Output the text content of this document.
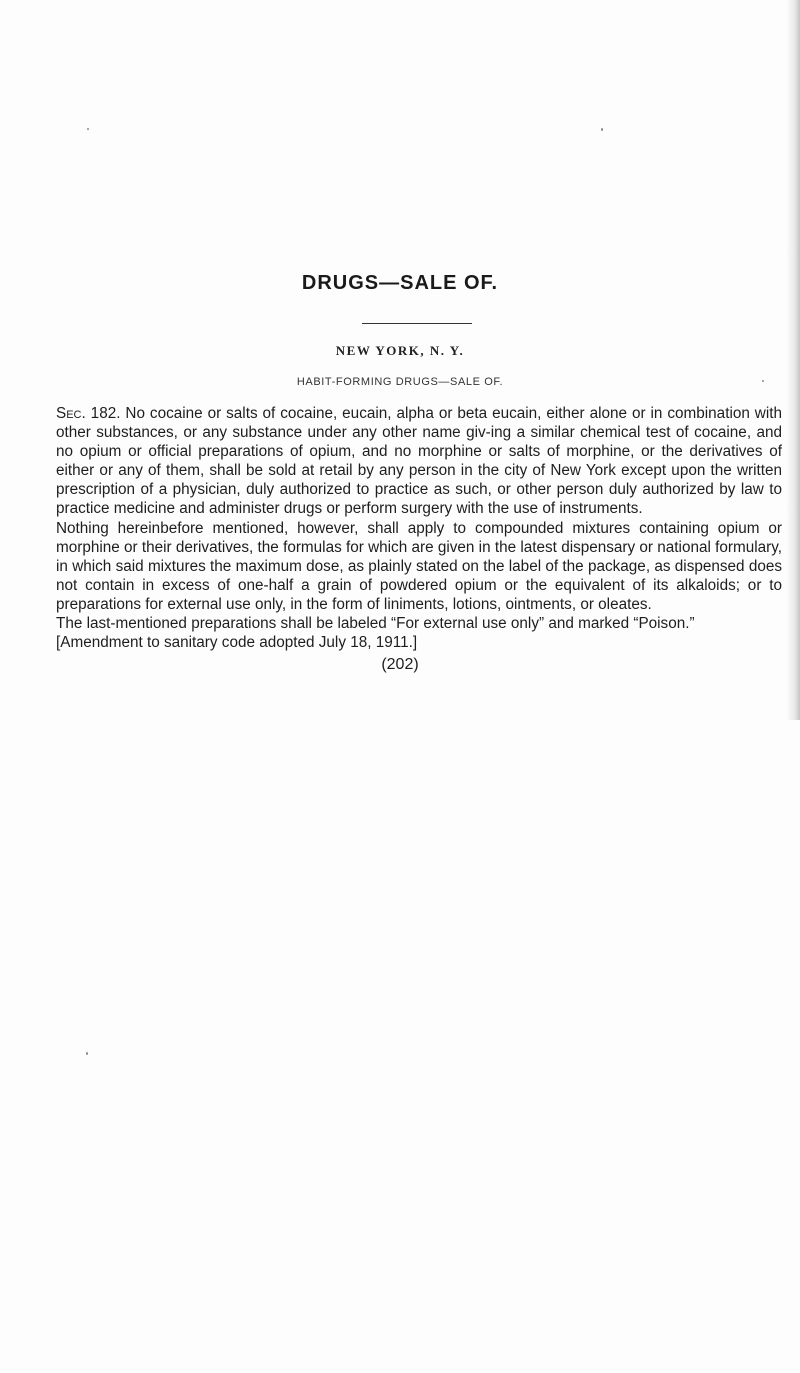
DRUGS—SALE OF.
NEW YORK, N. Y.
HABIT-FORMING DRUGS—SALE OF.

Sec. 182. No cocaine or salts of cocaine, eucain, alpha or beta eucain, either alone or in combination with other substances, or any substance under any other name giv-ing a similar chemical test of cocaine, and no opium or official preparations of opium, and no morphine or salts of morphine, or the derivatives of either or any of them, shall be sold at retail by any person in the city of New York except upon the written prescription of a physician, duly authorized to practice as such, or other person duly authorized by law to practice medicine and administer drugs or perform surgery with the use of instruments.

Nothing hereinbefore mentioned, however, shall apply to compounded mixtures containing opium or morphine or their derivatives, the formulas for which are given in the latest dispensary or national formulary, in which said mixtures the maximum dose, as plainly stated on the label of the package, as dispensed does not contain in excess of one-half a grain of powdered opium or the equivalent of its alkaloids; or to preparations for external use only, in the form of liniments, lotions, ointments, or oleates.

The last-mentioned preparations shall be labeled “For external use only” and marked “Poison.”

[Amendment to sanitary code adopted July 18, 1911.]

(202)
